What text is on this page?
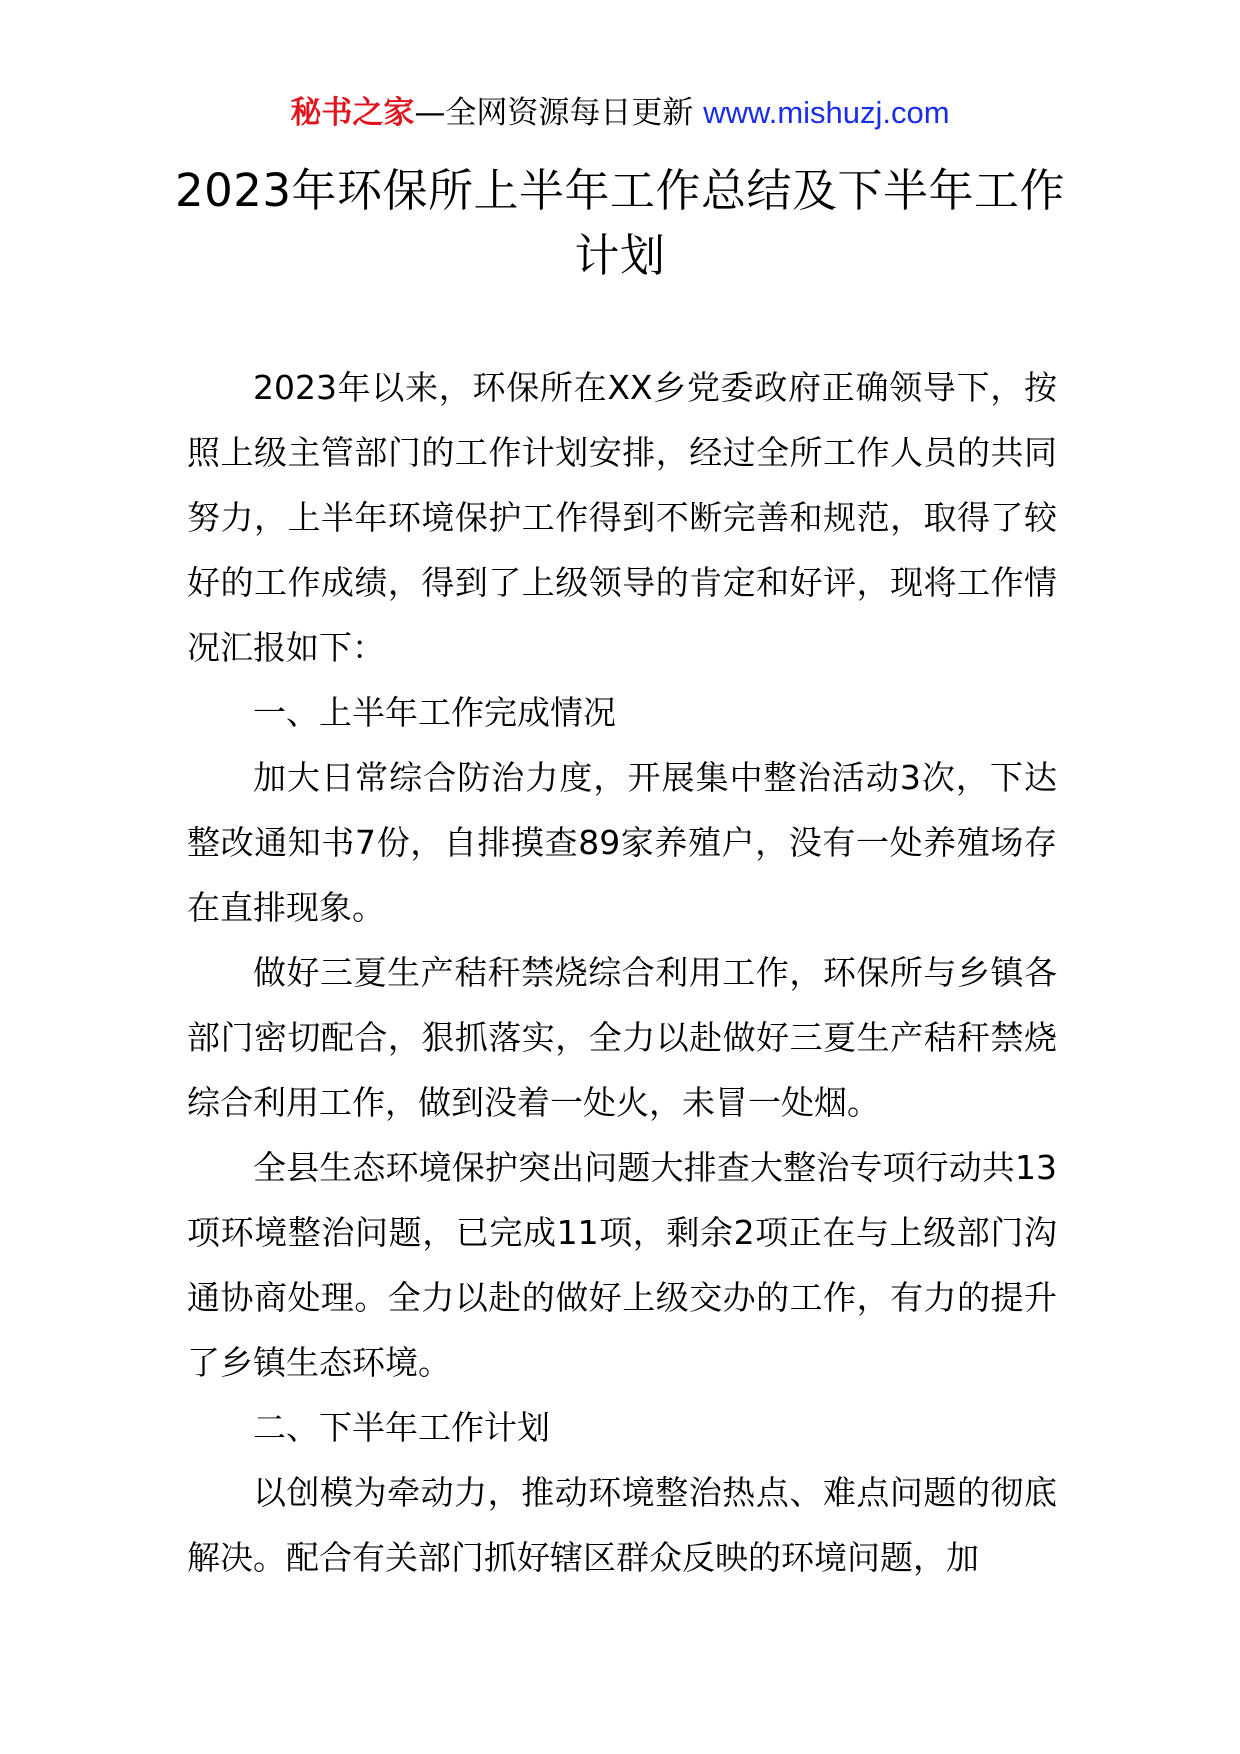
秘书之家—全网资源每日更新 www.mishuzj.com
2023年环保所上半年工作总结及下半年工作计划

2023年以来，环保所在XX乡党委政府正确领导下，按照上级主管部门的工作计划安排，经过全所工作人员的共同努力，上半年环境保护工作得到不断完善和规范，取得了较好的工作成绩，得到了上级领导的肯定和好评，现将工作情况汇报如下：

一、上半年工作完成情况

加大日常综合防治力度，开展集中整治活动3次，下达整改通知书7份，自排摸查89家养殖户，没有一处养殖场存在直排现象。

做好三夏生产秸秆禁烧综合利用工作，环保所与乡镇各部门密切配合，狠抓落实，全力以赴做好三夏生产秸秆禁烧综合利用工作，做到没着一处火，未冒一处烟。

全县生态环境保护突出问题大排查大整治专项行动共13项环境整治问题，已完成11项，剩余2项正在与上级部门沟通协商处理。全力以赴的做好上级交办的工作，有力的提升了乡镇生态环境。

二、下半年工作计划

以创模为牵动力，推动环境整治热点、难点问题的彻底解决。配合有关部门抓好辖区群众反映的环境问题，加
